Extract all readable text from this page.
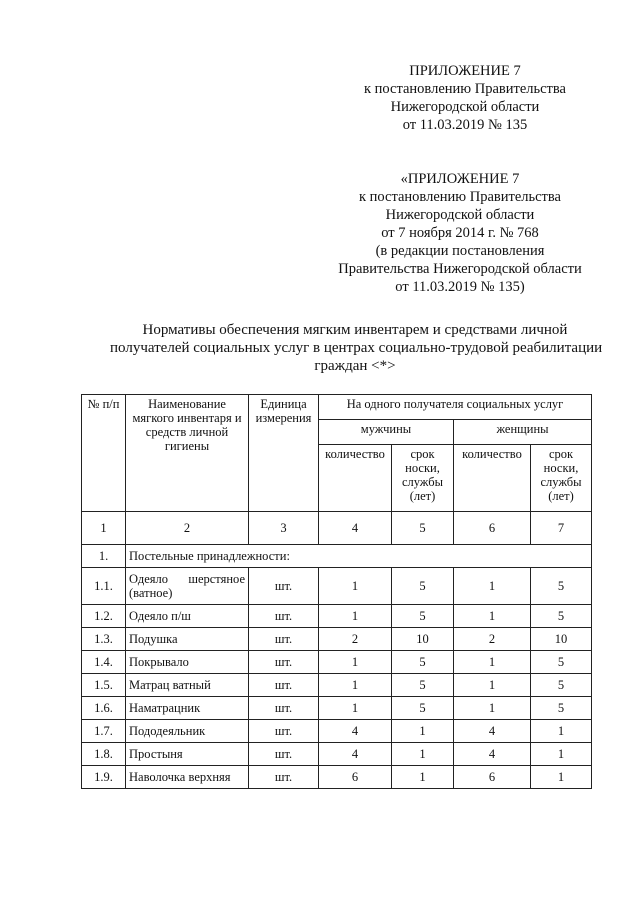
ПРИЛОЖЕНИЕ 7
к постановлению Правительства
Нижегородской области
от 11.03.2019 № 135
«ПРИЛОЖЕНИЕ 7
к постановлению Правительства
Нижегородской области
от 7 ноября 2014 г. № 768
(в редакции постановления
Правительства Нижегородской области
от 11.03.2019 № 135)
Нормативы обеспечения мягким инвентарем и средствами личной
получателей социальных услуг в центрах социально-трудовой реабилитации
граждан <*>
№ п/п	Наименование мягкого инвентаря и средств личной гигиены	Единица измерения	На одного получателя социальных услуг			
			мужчины		женщины	
			количество	срок носки, службы (лет)	количество	срок носки, службы (лет)
1	2	3	4	5	6	7
1.	Постельные принадлежности:					
1.1.	Одеяло шерстяное (ватное)	шт.	1	5	1	5
1.2.	Одеяло п/ш	шт.	1	5	1	5
1.3.	Подушка	шт.	2	10	2	10
1.4.	Покрывало	шт.	1	5	1	5
1.5.	Матрац ватный	шт.	1	5	1	5
1.6.	Наматрацник	шт.	1	5	1	5
1.7.	Пододеяльник	шт.	4	1	4	1
1.8.	Простыня	шт.	4	1	4	1
1.9.	Наволочка верхняя	шт.	6	1	6	1
